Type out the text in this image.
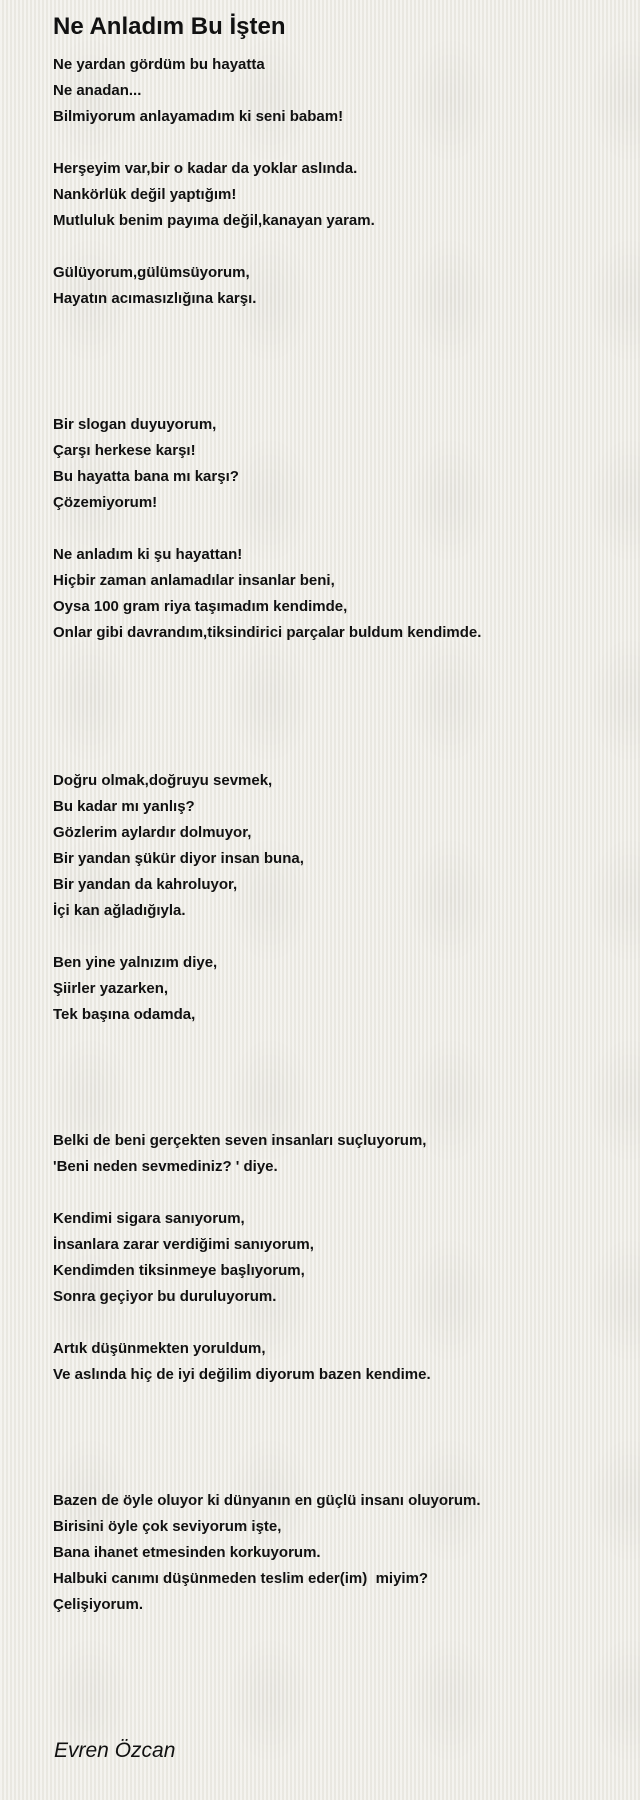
Ne Anladım Bu İşten
Ne yardan gördüm bu hayatta
Ne anadan...
Bilmiyorum anlayamadım ki seni babam!
Herşeyim var,bir o kadar da yoklar aslında.
Nankörlük değil yaptığım!
Mutluluk benim payıma değil,kanayan yaram.
Gülüyorum,gülümsüyorum,
Hayatın acımasızlığına karşı.
Bir slogan duyuyorum,
Çarşı herkese karşı!
Bu hayatta bana mı karşı?
Çözemiyorum!
Ne anladım ki şu hayattan!
Hiçbir zaman anlamadılar insanlar beni,
Oysa 100 gram riya taşımadım kendimde,
Onlar gibi davrandım,tiksindirici parçalar buldum kendimde.
Doğru olmak,doğruyu sevmek,
Bu kadar mı yanlış?
Gözlerim aylardır dolmuyor,
Bir yandan şükür diyor insan buna,
Bir yandan da kahroluyor,
İçi kan ağladığıyla.
Ben yine yalnızım diye,
Şiirler yazarken,
Tek başına odamda,
Belki de beni gerçekten seven insanları suçluyorum,
'Beni neden sevmediniz? ' diye.
Kendimi sigara sanıyorum,
İnsanlara zarar verdiğimi sanıyorum,
Kendimden tiksinmeye başlıyorum,
Sonra geçiyor bu duruluyorum.
Artık düşünmekten yoruldum,
Ve aslında hiç de iyi değilim diyorum bazen kendime.
Bazen de öyle oluyor ki dünyanın en güçlü insanı oluyorum.
Birisini öyle çok seviyorum işte,
Bana ihanet etmesinden korkuyorum.
Halbuki canımı düşünmeden teslim eder(im)  miyim?
Çelişiyorum.
Evren Özcan
